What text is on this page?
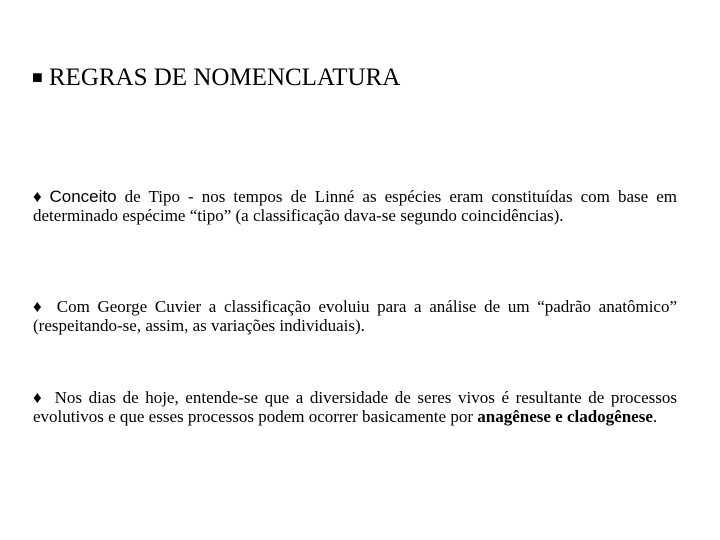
■ REGRAS DE NOMENCLATURA
♦ Conceito de Tipo - nos tempos de Linné as espécies eram constituídas com base em determinado espécime “tipo” (a classificação dava-se segundo coincidências).
♦ Com George Cuvier a classificação evoluiu para a análise de um “padrão anatômico” (respeitando-se, assim, as variações individuais).
♦ Nos dias de hoje, entende-se que a diversidade de seres vivos é resultante de processos evolutivos e que esses processos podem ocorrer basicamente por anagênese e cladogênese.
